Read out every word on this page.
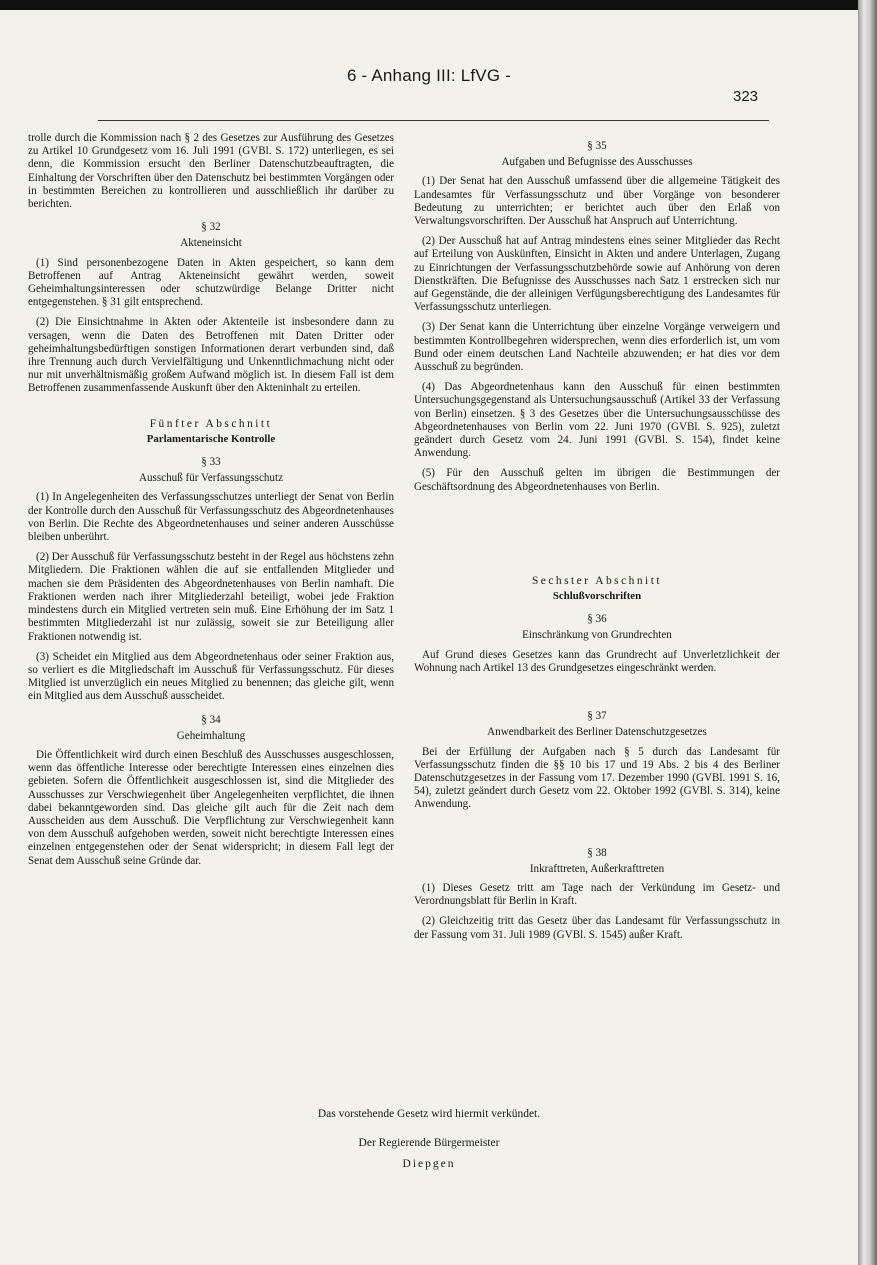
6 - Anhang III: LfVG -
323

trolle durch die Kommission nach § 2 des Gesetzes zur Ausführung des Gesetzes zu Artikel 10 Grundgesetz vom 16. Juli 1991 (GVBl. S. 172) unterliegen, es sei denn, die Kommission ersucht den Berliner Datenschutzbeauftragten, die Einhaltung der Vorschriften über den Datenschutz bei bestimmten Vorgängen oder in bestimmten Bereichen zu kontrollieren und ausschließlich ihr darüber zu berichten.

§ 32
Akteneinsicht

(1) Sind personenbezogene Daten in Akten gespeichert, so kann dem Betroffenen auf Antrag Akteneinsicht gewährt werden, soweit Geheimhaltungsinteressen oder schutzwürdige Belange Dritter nicht entgegenstehen. § 31 gilt entsprechend.

(2) Die Einsichtnahme in Akten oder Aktenteile ist insbesondere dann zu versagen, wenn die Daten des Betroffenen mit Daten Dritter oder geheimhaltungsbedürftigen sonstigen Informationen derart verbunden sind, daß ihre Trennung auch durch Vervielfältigung und Unkenntlichmachung nicht oder nur mit unverhältnismäßig großem Aufwand möglich ist. In diesem Fall ist dem Betroffenen zusammenfassende Auskunft über den Akteninhalt zu erteilen.

Fünfter Abschnitt
Parlamentarische Kontrolle
§ 33
Ausschuß für Verfassungsschutz

(1) In Angelegenheiten des Verfassungsschutzes unterliegt der Senat von Berlin der Kontrolle durch den Ausschuß für Verfassungsschutz des Abgeordnetenhauses von Berlin. Die Rechte des Abgeordnetenhauses und seiner anderen Ausschüsse bleiben unberührt.

(2) Der Ausschuß für Verfassungsschutz besteht in der Regel aus höchstens zehn Mitgliedern. Die Fraktionen wählen die auf sie entfallenden Mitglieder und machen sie dem Präsidenten des Abgeordnetenhauses von Berlin namhaft. Die Fraktionen werden nach ihrer Mitgliederzahl beteiligt, wobei jede Fraktion mindestens durch ein Mitglied vertreten sein muß. Eine Erhöhung der im Satz 1 bestimmten Mitgliederzahl ist nur zulässig, soweit sie zur Beteiligung aller Fraktionen notwendig ist.

(3) Scheidet ein Mitglied aus dem Abgeordnetenhaus oder seiner Fraktion aus, so verliert es die Mitgliedschaft im Ausschuß für Verfassungsschutz. Für dieses Mitglied ist unverzüglich ein neues Mitglied zu benennen; das gleiche gilt, wenn ein Mitglied aus dem Ausschuß ausscheidet.

§ 34
Geheimhaltung

Die Öffentlichkeit wird durch einen Beschluß des Ausschusses ausgeschlossen, wenn das öffentliche Interesse oder berechtigte Interessen eines einzelnen dies gebieten. Sofern die Öffentlichkeit ausgeschlossen ist, sind die Mitglieder des Ausschusses zur Verschwiegenheit über Angelegenheiten verpflichtet, die ihnen dabei bekanntgeworden sind. Das gleiche gilt auch für die Zeit nach dem Ausscheiden aus dem Ausschuß. Die Verpflichtung zur Verschwiegenheit kann von dem Ausschuß aufgehoben werden, soweit nicht berechtigte Interessen eines einzelnen entgegenstehen oder der Senat widerspricht; in diesem Fall legt der Senat dem Ausschuß seine Gründe dar.

§ 35
Aufgaben und Befugnisse des Ausschusses

(1) Der Senat hat den Ausschuß umfassend über die allgemeine Tätigkeit des Landesamtes für Verfassungsschutz und über Vorgänge von besonderer Bedeutung zu unterrichten; er berichtet auch über den Erlaß von Verwaltungsvorschriften. Der Ausschuß hat Anspruch auf Unterrichtung.

(2) Der Ausschuß hat auf Antrag mindestens eines seiner Mitglieder das Recht auf Erteilung von Auskünften, Einsicht in Akten und andere Unterlagen, Zugang zu Einrichtungen der Verfassungsschutzbehörde sowie auf Anhörung von deren Dienstkräften. Die Befugnisse des Ausschusses nach Satz 1 erstrecken sich nur auf Gegenstände, die der alleinigen Verfügungsberechtigung des Landesamtes für Verfassungsschutz unterliegen.

(3) Der Senat kann die Unterrichtung über einzelne Vorgänge verweigern und bestimmten Kontrollbegehren widersprechen, wenn dies erforderlich ist, um vom Bund oder einem deutschen Land Nachteile abzuwenden; er hat dies vor dem Ausschuß zu begründen.

(4) Das Abgeordnetenhaus kann den Ausschuß für einen bestimmten Untersuchungsgegenstand als Untersuchungsausschuß (Artikel 33 der Verfassung von Berlin) einsetzen. § 3 des Gesetzes über die Untersuchungsausschüsse des Abgeordnetenhauses von Berlin vom 22. Juni 1970 (GVBl. S. 925), zuletzt geändert durch Gesetz vom 24. Juni 1991 (GVBl. S. 154), findet keine Anwendung.

(5) Für den Ausschuß gelten im übrigen die Bestimmungen der Geschäftsordnung des Abgeordnetenhauses von Berlin.

Sechster Abschnitt
Schlußvorschriften
§ 36
Einschränkung von Grundrechten

Auf Grund dieses Gesetzes kann das Grundrecht auf Unverletzlichkeit der Wohnung nach Artikel 13 des Grundgesetzes eingeschränkt werden.

§ 37
Anwendbarkeit des Berliner Datenschutzgesetzes

Bei der Erfüllung der Aufgaben nach § 5 durch das Landesamt für Verfassungsschutz finden die §§ 10 bis 17 und 19 Abs. 2 bis 4 des Berliner Datenschutzgesetzes in der Fassung vom 17. Dezember 1990 (GVBl. 1991 S. 16, 54), zuletzt geändert durch Gesetz vom 22. Oktober 1992 (GVBl. S. 314), keine Anwendung.

§ 38
Inkrafttreten, Außerkrafttreten

(1) Dieses Gesetz tritt am Tage nach der Verkündung im Gesetz- und Verordnungsblatt für Berlin in Kraft.

(2) Gleichzeitig tritt das Gesetz über das Landesamt für Verfassungsschutz in der Fassung vom 31. Juli 1989 (GVBl. S. 1545) außer Kraft.

Das vorstehende Gesetz wird hiermit verkündet.
Der Regierende Bürgermeister
Diepgen
